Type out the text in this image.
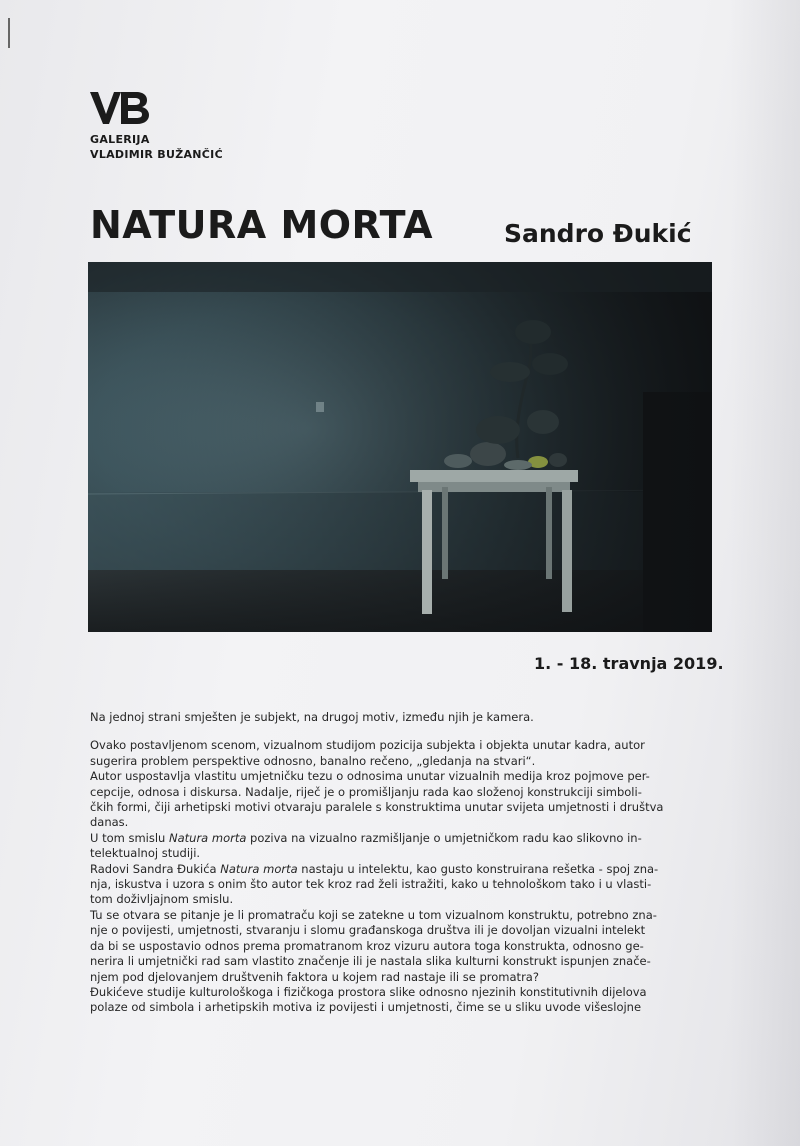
GALERIJA
VLADIMIR BUŽANČIĆ
NATURA MORTA	Sandro Đukić
1. - 18. travnja 2019.

Na jednoj strani smješten je subjekt, na drugoj motiv, između njih je kamera.

Ovako postavljenom scenom, vizualnom studijom pozicija subjekta i objekta unutar kadra, autor

sugerira problem perspektive odnosno, banalno rečeno, „gledanja na stvari“.

Autor uspostavlja vlastitu umjetničku tezu o odnosima unutar vizualnih medija kroz pojmove per-

cepcije, odnosa i diskursa. Nadalje, riječ je o promišljanju rada kao složenoj konstrukciji simboli-

čkih formi, čiji arhetipski motivi otvaraju paralele s konstruktima unutar svijeta umjetnosti i društva

danas.

U tom smislu Natura morta poziva na vizualno razmišljanje o umjetničkom radu kao slikovno in-

telektualnoj studiji.

Radovi Sandra Đukića Natura morta nastaju u intelektu, kao gusto konstruirana rešetka - spoj zna-

nja, iskustva i uzora s onim što autor tek kroz rad želi istražiti, kako u tehnološkom tako i u vlasti-

tom doživljajnom smislu.

Tu se otvara se pitanje je li promatraču koji se zatekne u tom vizualnom konstruktu, potrebno zna-

nje o povijesti, umjetnosti, stvaranju i slomu građanskoga društva ili je dovoljan vizualni intelekt

da bi se uspostavio odnos prema promatranom kroz vizuru autora toga konstrukta, odnosno ge-

nerira li umjetnički rad sam vlastito značenje ili je nastala slika kulturni konstrukt ispunjen znače-

njem pod djelovanjem društvenih faktora u kojem rad nastaje ili se promatra?

Đukićeve studije kulturološkoga i fizičkoga prostora slike odnosno njezinih konstitutivnih dijelova

polaze od simbola i arhetipskih motiva iz povijesti i umjetnosti, čime se u sliku uvode višeslojne
